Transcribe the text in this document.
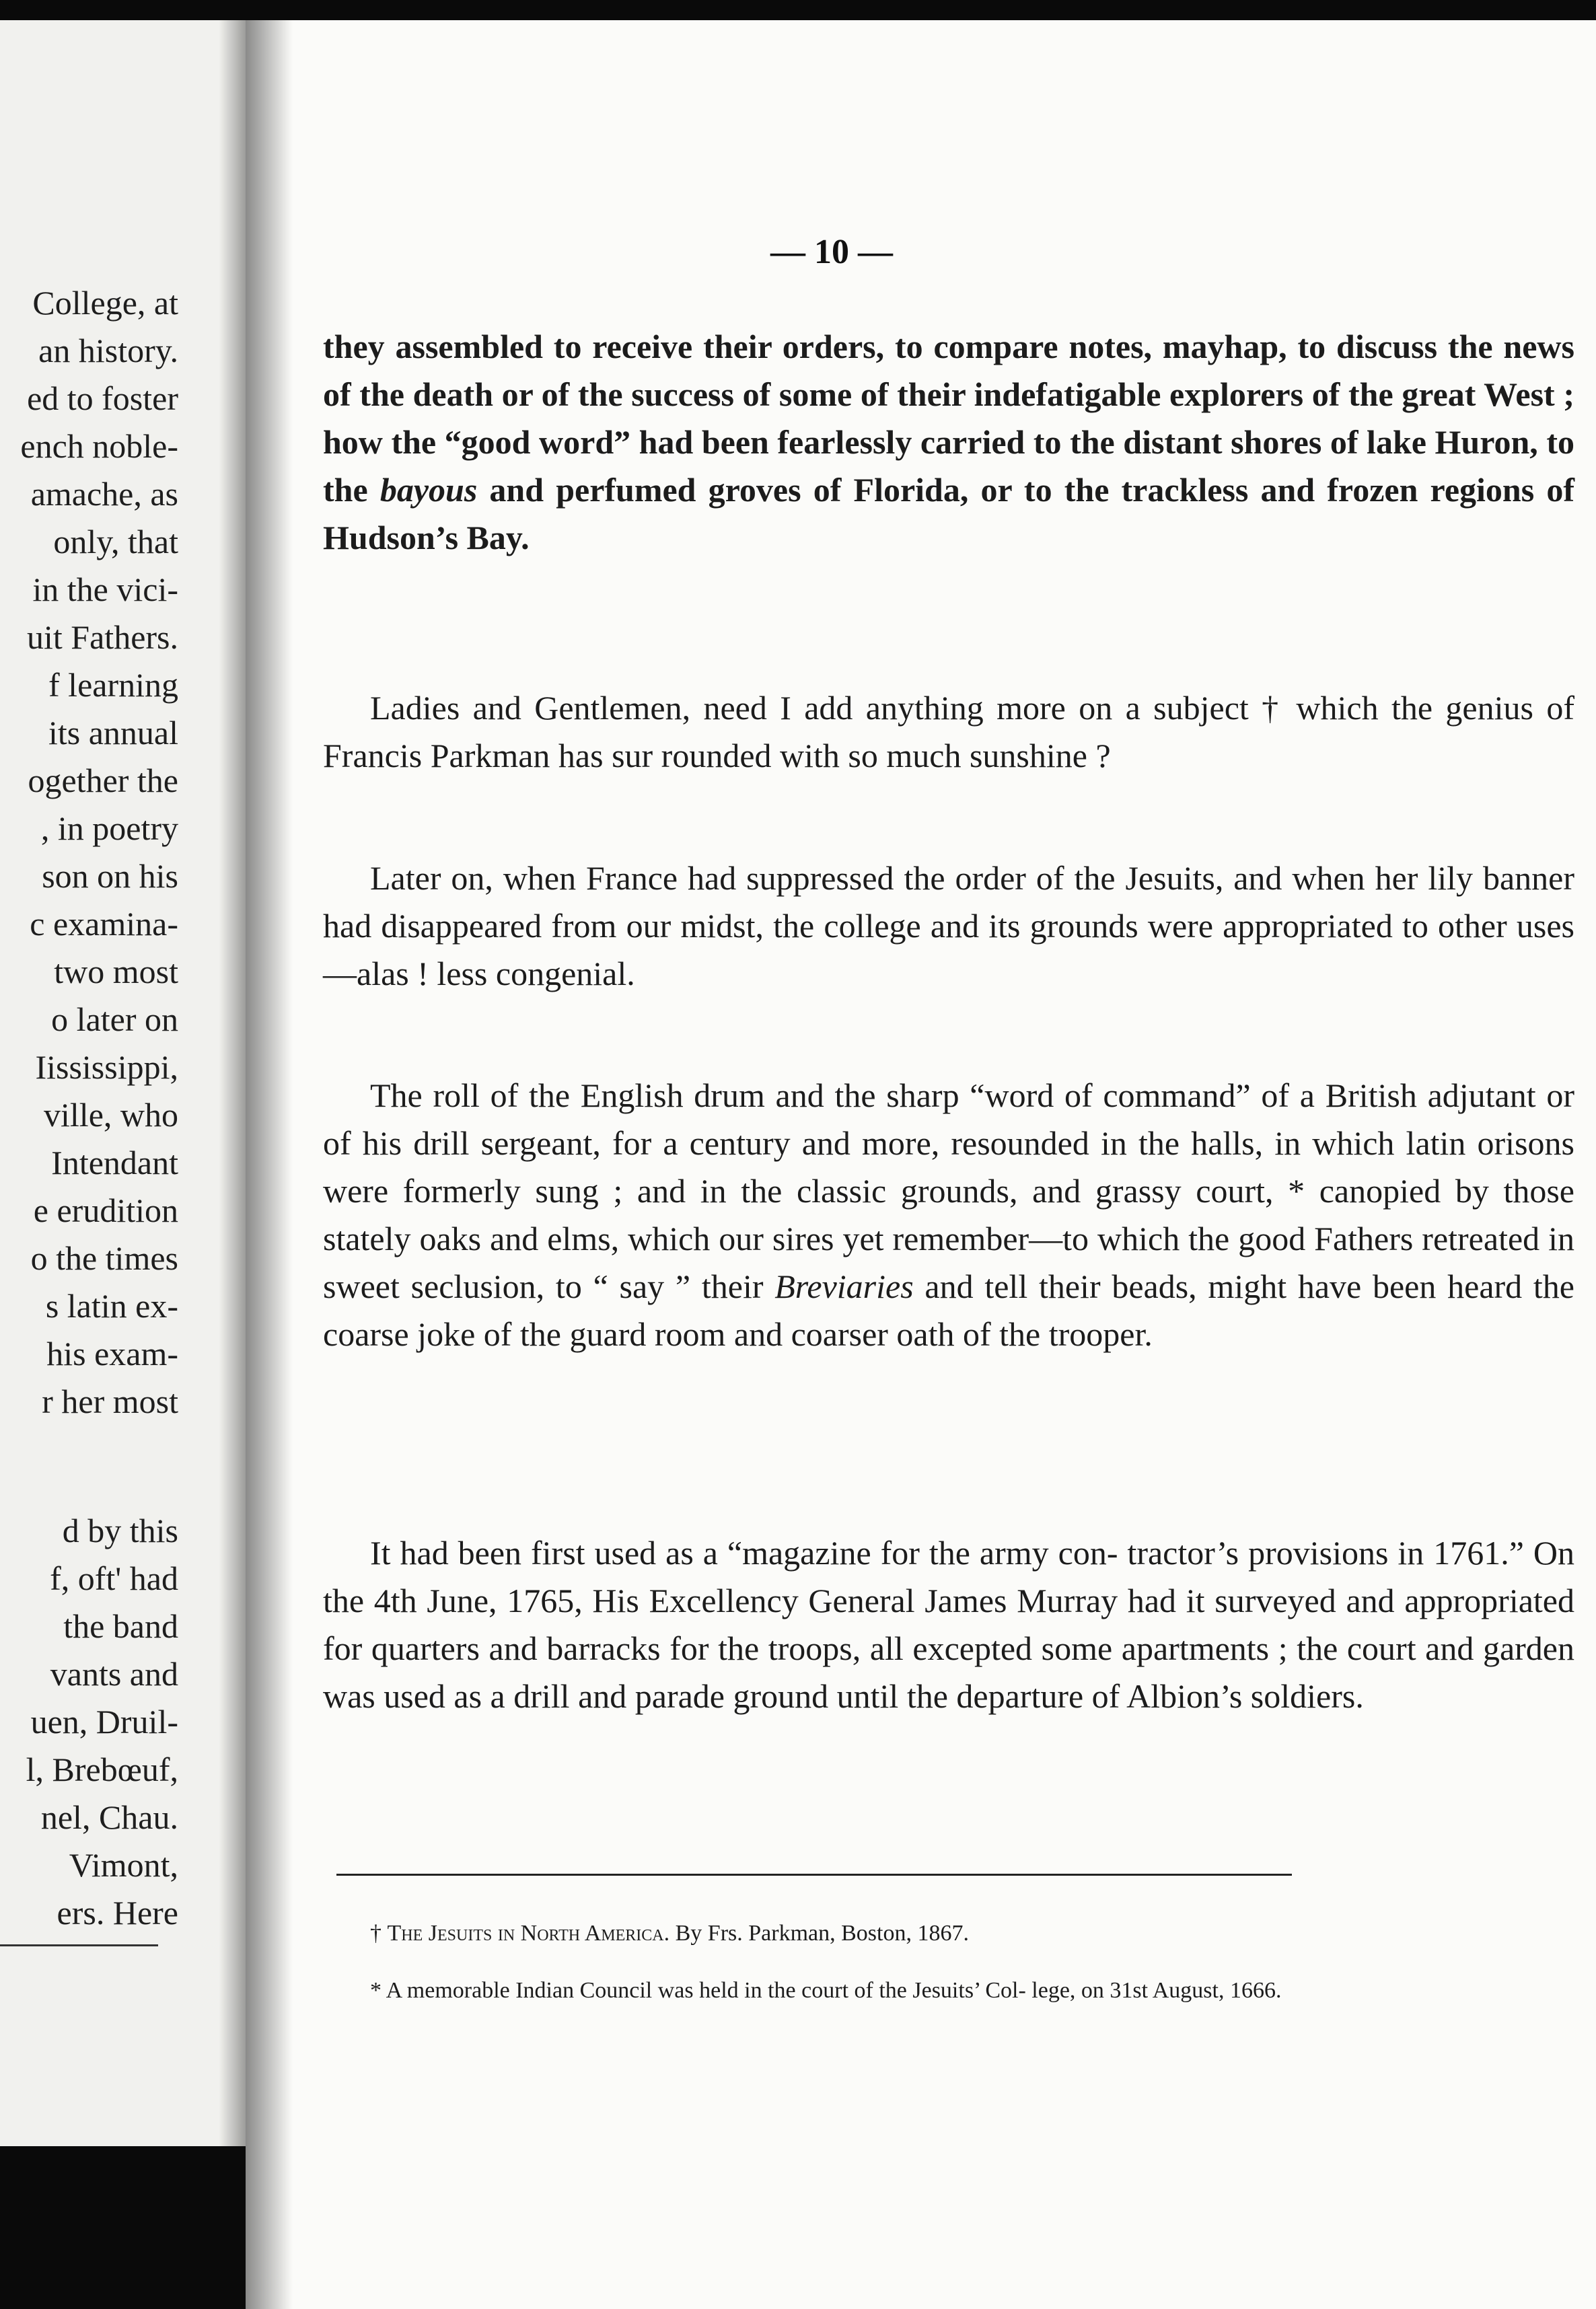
College, at
an history.
ed to foster
ench noble-
amache, as
only, that
in the vici-
uit Fathers.
f learning
its annual
ogether the
, in poetry
son on his
c examina-
two most
o later on
Iississippi,
ville, who
Intendant
e erudition
o the times
s latin ex-
his exam-
r her most
d by this
f, oft' had
the band
vants and
uen, Druil-
l, Brebœuf,
nel, Chau.
Vimont,
ers. Here
— 10 —

they assembled to receive their orders, to compare notes, mayhap, to discuss the news of the death or of the success of some of their indefatigable explorers of the great West ; how the “good word” had been fearlessly carried to the distant shores of lake Huron, to the bayous and perfumed groves of Florida, or to the trackless and frozen regions of Hudson’s Bay.

Ladies and Gentlemen, need I add anything more on a subject † which the genius of Francis Parkman has sur rounded with so much sunshine ?

Later on, when France had suppressed the order of the Jesuits, and when her lily banner had disappeared from our midst, the college and its grounds were appropriated to other uses—alas ! less congenial.

The roll of the English drum and the sharp “word of command” of a British adjutant or of his drill sergeant, for a century and more, resounded in the halls, in which latin orisons were formerly sung ; and in the classic grounds, and grassy court, * canopied by those stately oaks and elms, which our sires yet remember—to which the good Fathers retreated in sweet seclusion, to “ say ” their Breviaries and tell their beads, might have been heard the coarse joke of the guard room and coarser oath of the trooper.

It had been first used as a “magazine for the army con- tractor’s provisions in 1761.” On the 4th June, 1765, His Excellency General James Murray had it surveyed and appropriated for quarters and barracks for the troops, all excepted some apartments ; the court and garden was used as a drill and parade ground until the departure of Albion’s soldiers.

† The Jesuits in North America. By Frs. Parkman, Boston, 1867.

* A memorable Indian Council was held in the court of the Jesuits’ Col- lege, on 31st August, 1666.
